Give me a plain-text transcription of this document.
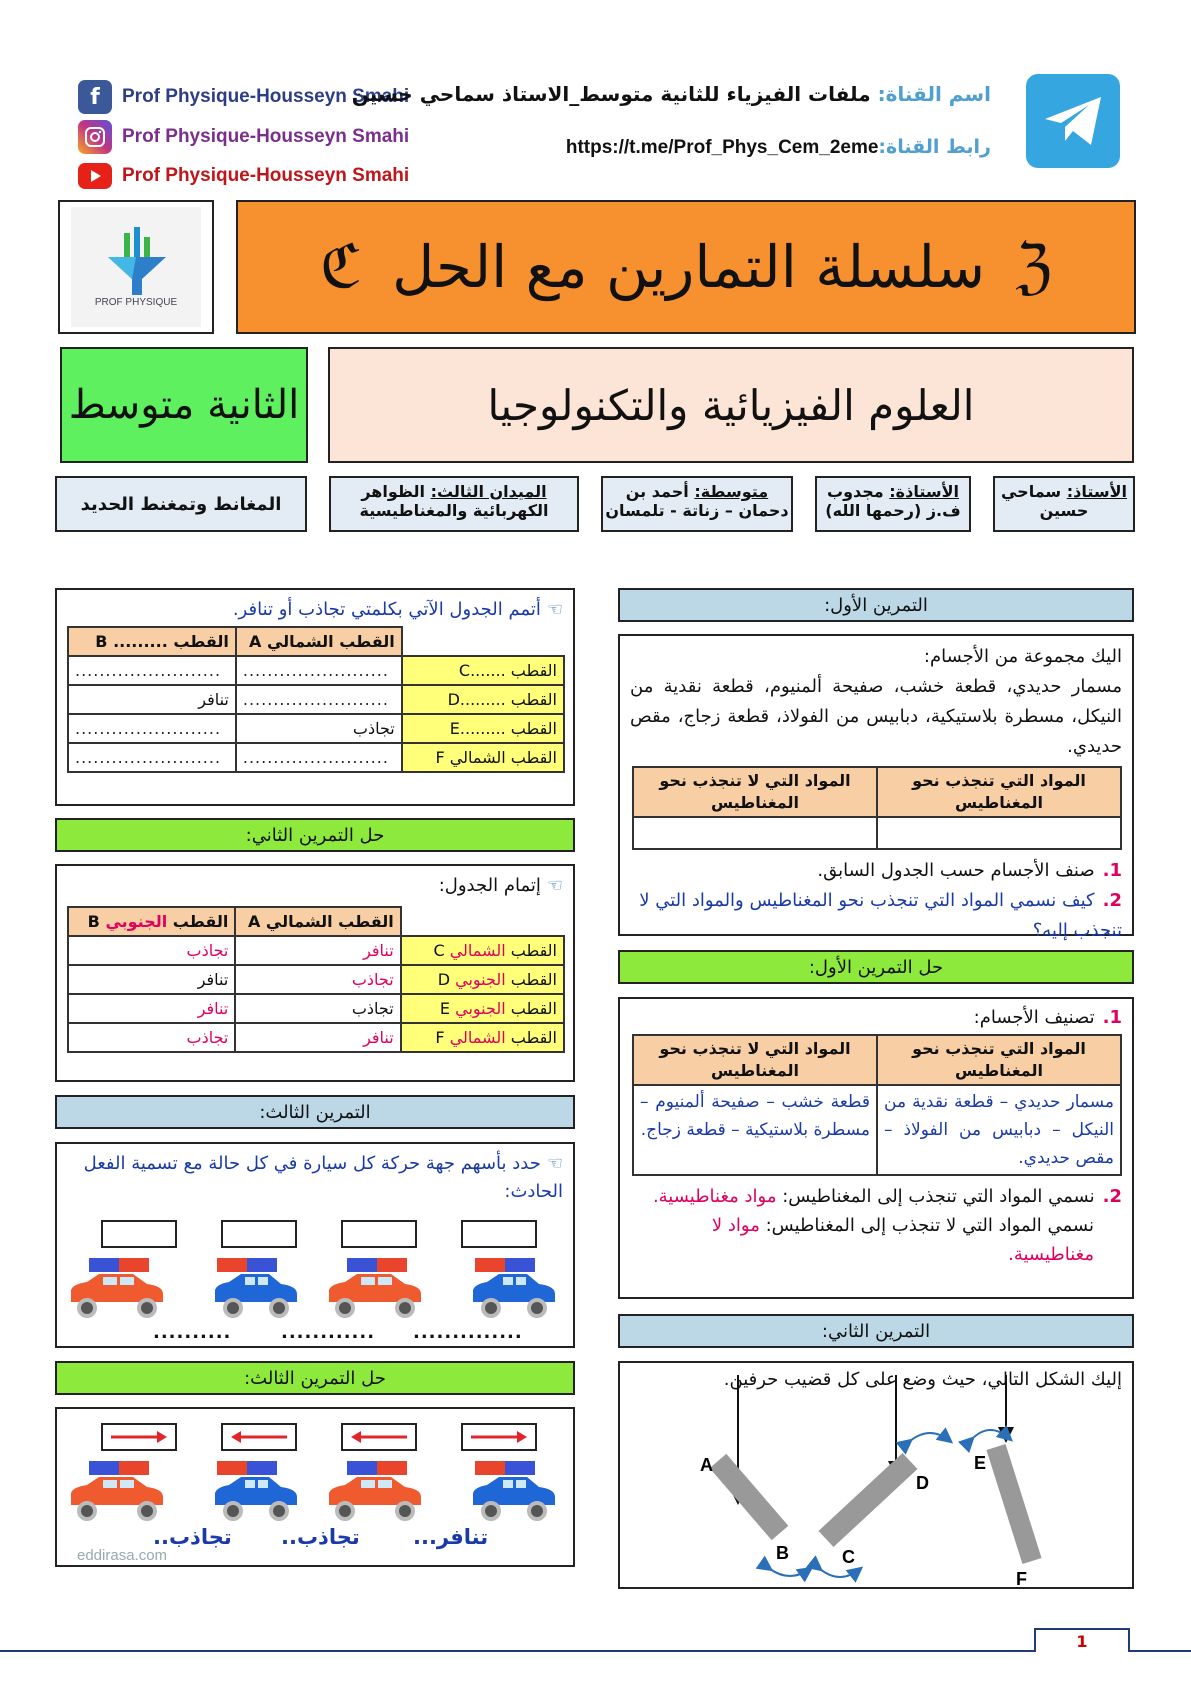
f	Prof Physique-Housseyn Smahi
Prof Physique-Housseyn Smahi
Prof Physique-Housseyn Smahi
اسم القناة: ملفات الفيزياء للثانية متوسط_الاستاذ سماحي حسين
رابط القناة:https://t.me/Prof_Phys_Cem_2eme
PROF PHYSIQUE ℭ سلسلة التمارين مع الحل ℨ
الثانية متوسط	العلوم الفيزيائية والتكنولوجيا
الأستاذ: سماحي
حسين
الأستاذة: مجدوب
ف.ز (رحمها الله)
متوسطة: أحمد بن
دحمان – زناتة - تلمسان
الميدان الثالث: الظواهر
الكهربائية والمغناطيسية
المغانط وتمغنط الحديد
التمرين الأول:
اليك مجموعة من الأجسام:
مسمار حديدي، قطعة خشب، صفيحة ألمنيوم، قطعة نقدية من النيكل، مسطرة بلاستيكية، دبابيس من الفولاذ، قطعة زجاج، مقص حديدي.
المواد التي تنجذب نحو المغناطيس	المواد التي لا تنجذب نحو المغناطيس

1.صنف الأجسام حسب الجدول السابق.
2.كيف نسمي المواد التي تنجذب نحو المغناطيس والمواد التي لا تنجذب إليه؟
حل التمرين الأول:
1.تصنيف الأجسام:
المواد التي تنجذب نحو المغناطيس	المواد التي لا تنجذب نحو المغناطيس
مسمار حديدي – قطعة نقدية من النيكل – دبابيس من الفولاذ – مقص حديدي.	قطعة خشب – صفيحة ألمنيوم – مسطرة بلاستيكية – قطعة زجاج.
2.نسمي المواد التي تنجذب إلى المغناطيس: مواد مغناطيسية.
نسمي المواد التي لا تنجذب إلى المغناطيس: مواد لا مغناطيسية.
التمرين الثاني:
إليك الشكل التالي، حيث وضع على كل قضيب حرفين.
A
B	C
D
E
F
☜أتمم الجدول الآتي بكلمتي تجاذب أو تنافر.
	القطب الشمالي A	القطب ......... B
القطب .......C	........................	........................
القطب .........D	........................	تنافر
القطب .........E	تجاذب	........................
القطب الشمالي F	........................	........................
حل التمرين الثاني:
☜إتمام الجدول:
	القطب الشمالي A	القطب الجنوبي B
القطب الشمالي C	تنافر	تجاذب
القطب الجنوبي D	تجاذب	تنافر
القطب الجنوبي E	تجاذب	تنافر
القطب الشمالي F	تنافر	تجاذب
التمرين الثالث:
☜حدد بأسهم جهة حركة كل سيارة في كل حالة مع تسمية الفعل الحادث:
..........	............ ..............
حل التمرين الثالث:
تجاذب.. تجاذب..	تنافر...
eddirasa.com
1
